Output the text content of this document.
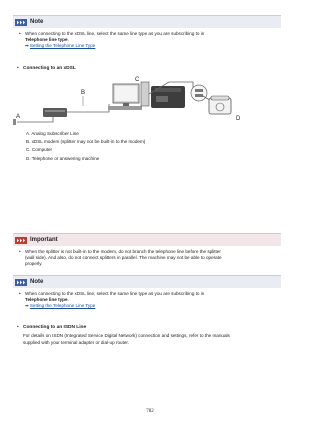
Note
• When connecting to the xDSL line, select the same line type as you are subscribing to in
Telephone line type.
➡Setting the Telephone Line Type
• Connecting to an xDSL
A
B
C
D
A. Analog Subscriber Line
B. xDSL modem (splitter may not be built-in to the modem)
C. Computer
D. Telephone or answering machine
Important
• When the splitter is not built-in to the modem, do not branch the telephone line before the splitter
(wall side). And also, do not connect splitters in parallel. The machine may not be able to operate
properly.
Note
• When connecting to the xDSL line, select the same line type as you are subscribing to in
Telephone line type.
➡Setting the Telephone Line Type
• Connecting to an ISDN Line
For details on ISDN (Integrated Service Digital Network) connection and settings, refer to the manuals
supplied with your terminal adapter or dial-up router.
782
